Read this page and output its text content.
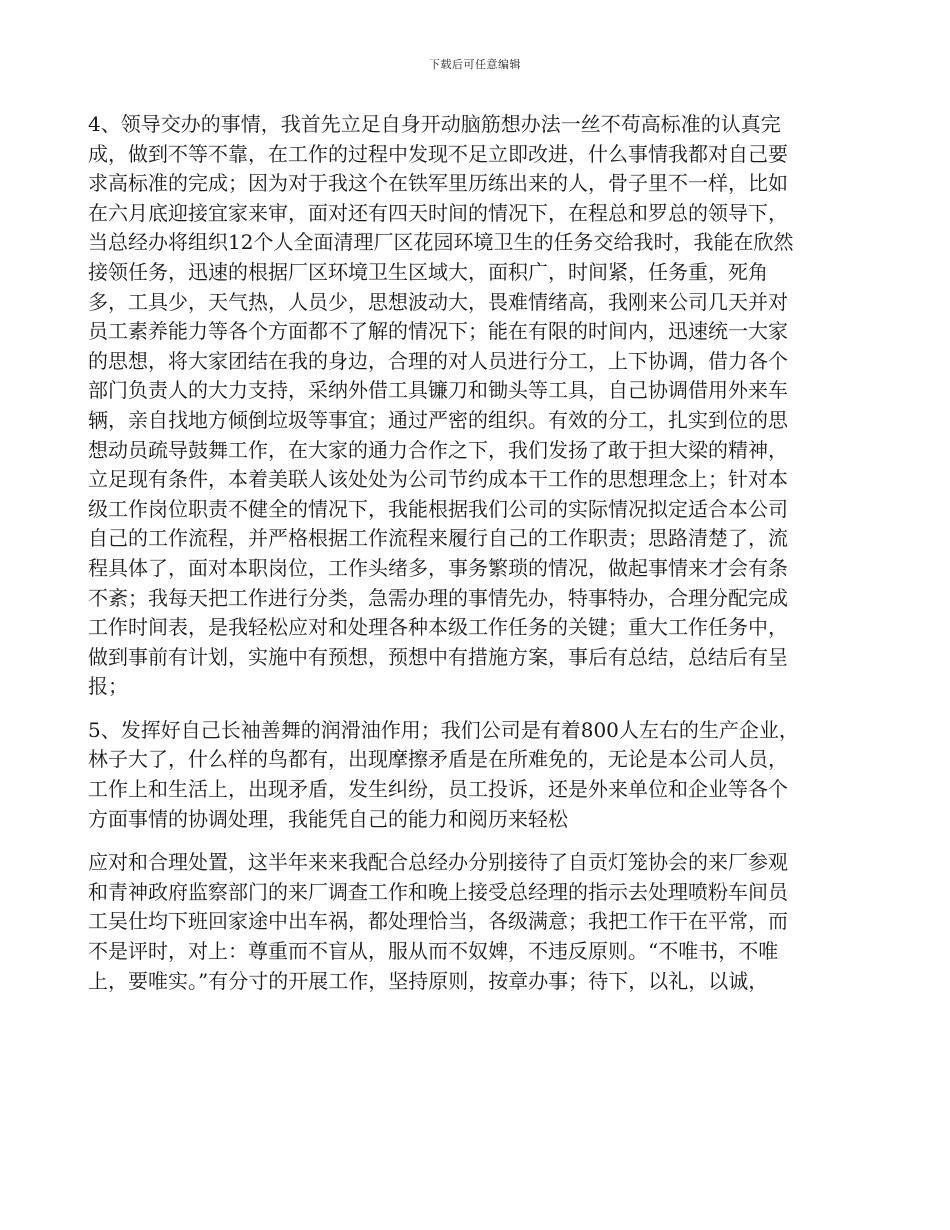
下载后可任意编辑

4、领导交办的事情，我首先立足自身开动脑筋想办法一丝不苟高标准的认真完
成，做到不等不靠，在工作的过程中发现不足立即改进，什么事情我都对自己要
求高标准的完成；因为对于我这个在铁军里历练出来的人，骨子里不一样，比如
在六月底迎接宜家来审，面对还有四天时间的情况下，在程总和罗总的领导下，
当总经办将组织12个人全面清理厂区花园环境卫生的任务交给我时，我能在欣然
接领任务，迅速的根据厂区环境卫生区域大，面积广，时间紧，任务重，死角
多，工具少，天气热，人员少，思想波动大，畏难情绪高，我刚来公司几天并对
员工素养能力等各个方面都不了解的情况下；能在有限的时间内，迅速统一大家
的思想，将大家团结在我的身边，合理的对人员进行分工，上下协调，借力各个
部门负责人的大力支持，采纳外借工具镰刀和锄头等工具，自己协调借用外来车
辆，亲自找地方倾倒垃圾等事宜；通过严密的组织。有效的分工，扎实到位的思
想动员疏导鼓舞工作，在大家的通力合作之下，我们发扬了敢于担大梁的精神，
立足现有条件，本着美联人该处处为公司节约成本干工作的思想理念上；针对本
级工作岗位职责不健全的情况下，我能根据我们公司的实际情况拟定适合本公司
自己的工作流程，并严格根据工作流程来履行自己的工作职责；思路清楚了，流
程具体了，面对本职岗位，工作头绪多，事务繁琐的情况，做起事情来才会有条
不紊；我每天把工作进行分类，急需办理的事情先办，特事特办，合理分配完成
工作时间表，是我轻松应对和处理各种本级工作任务的关键；重大工作任务中，
做到事前有计划，实施中有预想，预想中有措施方案，事后有总结，总结后有呈
报；

5、发挥好自己长袖善舞的润滑油作用；我们公司是有着800人左右的生产企业，
林子大了，什么样的鸟都有，出现摩擦矛盾是在所难免的，无论是本公司人员，
工作上和生活上，出现矛盾，发生纠纷，员工投诉，还是外来单位和企业等各个
方面事情的协调处理，我能凭自己的能力和阅历来轻松

应对和合理处置，这半年来来我配合总经办分别接待了自贡灯笼协会的来厂参观
和青神政府监察部门的来厂调查工作和晚上接受总经理的指示去处理喷粉车间员
工吴仕均下班回家途中出车祸，都处理恰当，各级满意；我把工作干在平常，而
不是评时，对上：尊重而不盲从，服从而不奴婢，不违反原则。“不唯书，不唯
上，要唯实。”有分寸的开展工作，坚持原则，按章办事；待下，以礼，以诚，
